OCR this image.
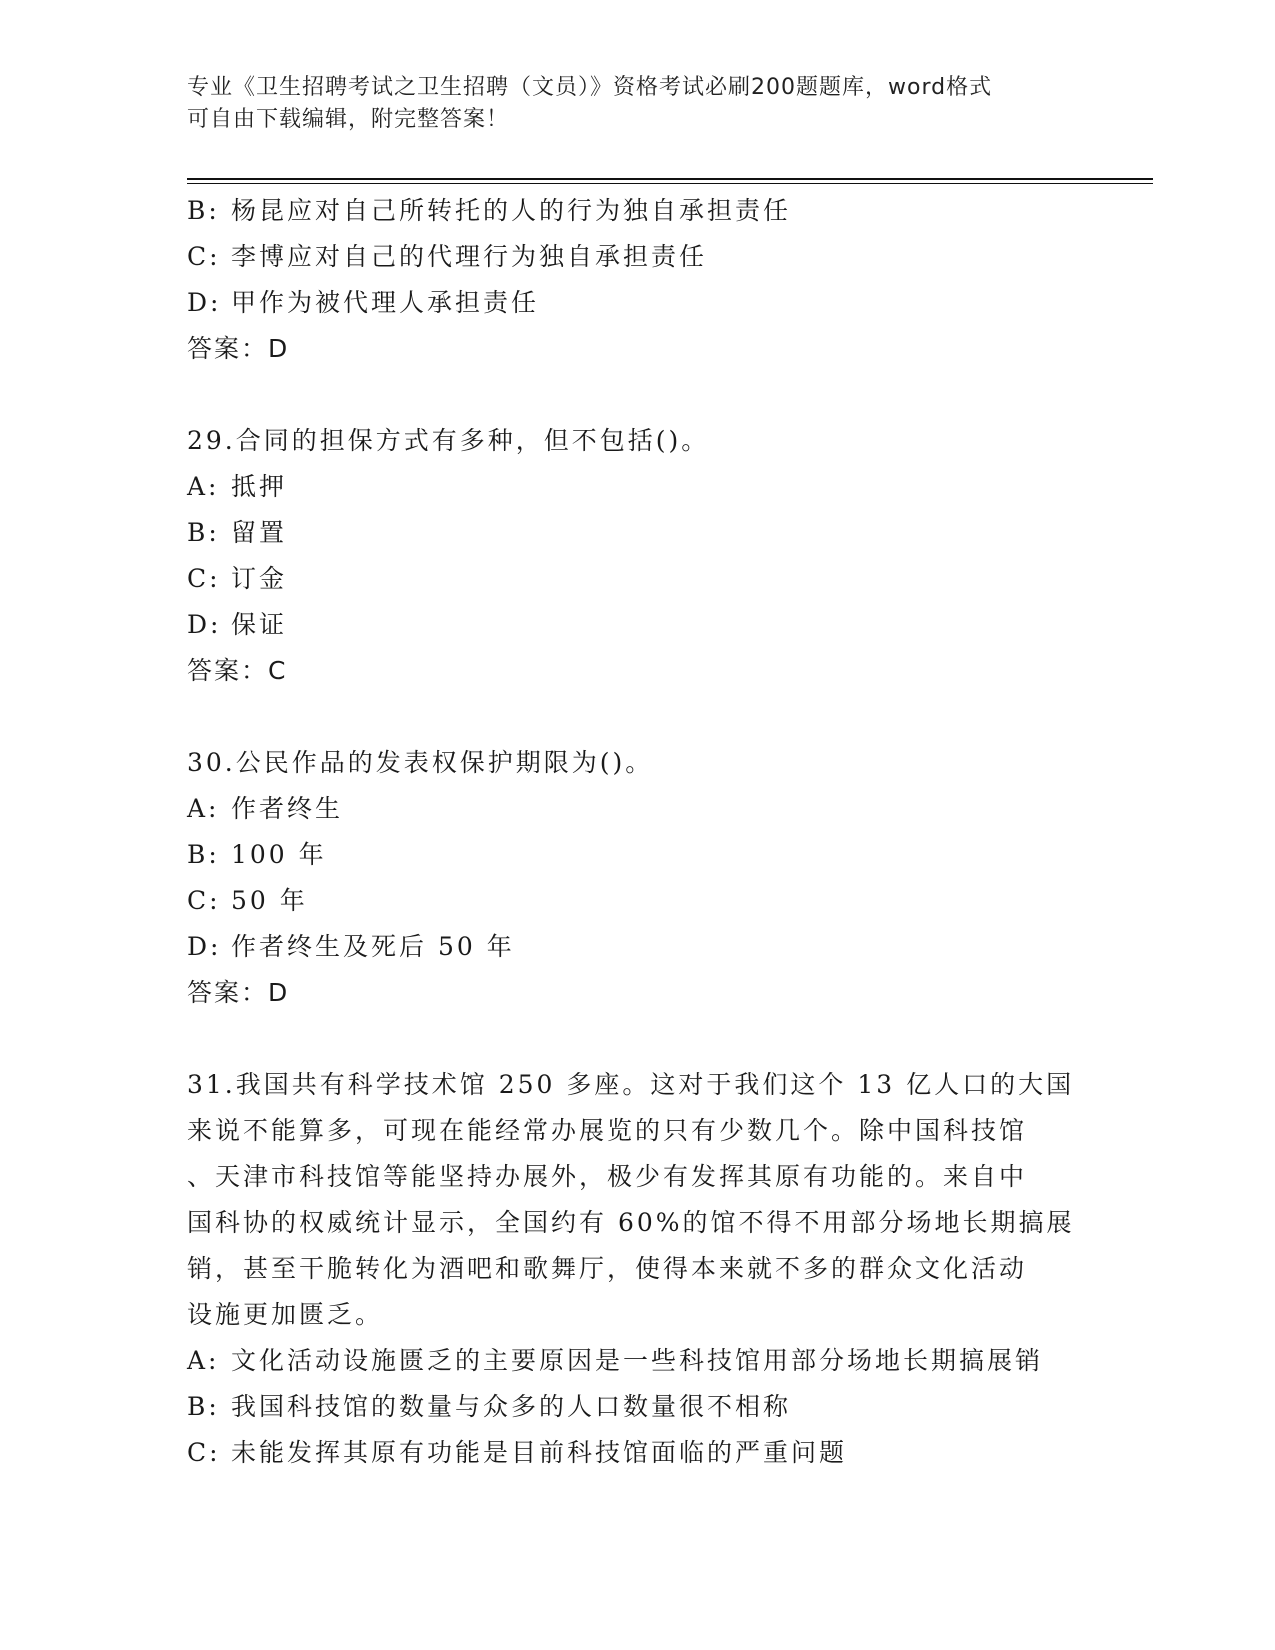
专业《卫生招聘考试之卫生招聘（文员）》资格考试必刷200题题库，word格式
可自由下载编辑，附完整答案！
B: 杨昆应对自己所转托的人的行为独自承担责任
C: 李博应对自己的代理行为独自承担责任
D: 甲作为被代理人承担责任
答案：D
29.合同的担保方式有多种，但不包括()。
A: 抵押
B: 留置
C: 订金
D: 保证
答案：C
30.公民作品的发表权保护期限为()。
A: 作者终生
B: 100 年
C: 50 年
D: 作者终生及死后 50 年
答案：D
31.我国共有科学技术馆 250 多座。这对于我们这个 13 亿人口的大国
来说不能算多，可现在能经常办展览的只有少数几个。除中国科技馆
、天津市科技馆等能坚持办展外，极少有发挥其原有功能的。来自中
国科协的权威统计显示，全国约有 60%的馆不得不用部分场地长期搞展
销，甚至干脆转化为酒吧和歌舞厅，使得本来就不多的群众文化活动
设施更加匮乏。
A: 文化活动设施匮乏的主要原因是一些科技馆用部分场地长期搞展销
B: 我国科技馆的数量与众多的人口数量很不相称
C: 未能发挥其原有功能是目前科技馆面临的严重问题
